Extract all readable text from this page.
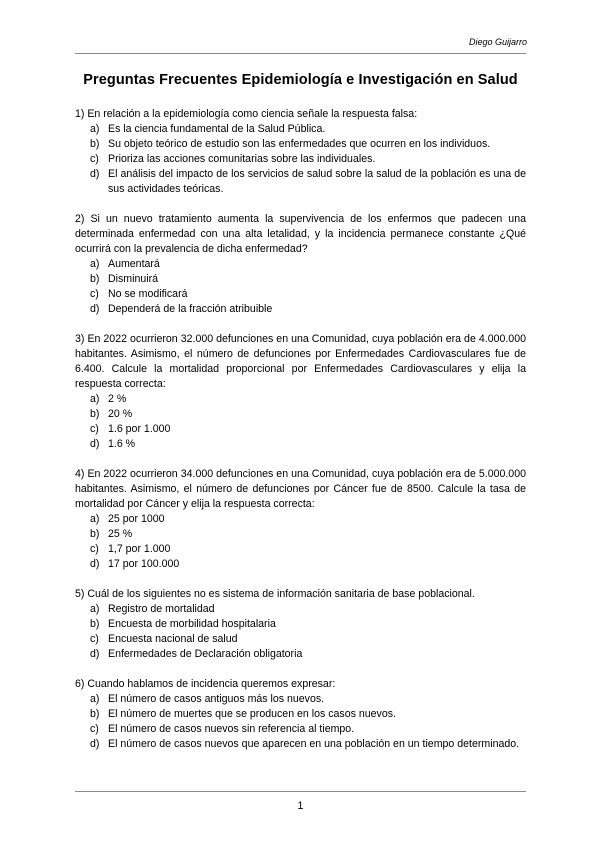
Diego Guijarro
Preguntas Frecuentes Epidemiología e Investigación en Salud

1) En relación a la epidemiología como ciencia señale la respuesta falsa:

a) Es la ciencia fundamental de la Salud Pública.
b) Su objeto teórico de estudio son las enfermedades que ocurren en los individuos.
c) Prioriza las acciones comunitarias sobre las individuales.
d) El análisis del impacto de los servicios de salud sobre la salud de la población es una de sus actividades teóricas.

2) Si un nuevo tratamiento aumenta la supervivencia de los enfermos que padecen una determinada enfermedad con una alta letalidad, y la incidencia permanece constante ¿Qué ocurrirá con la prevalencia de dicha enfermedad?

a) Aumentará
b) Disminuirá
c) No se modificará
d) Dependerá de la fracción atribuible

3) En 2022 ocurrieron 32.000 defunciones en una Comunidad, cuya población era de 4.000.000 habitantes. Asimismo, el número de defunciones por Enfermedades Cardiovasculares fue de 6.400. Calcule la mortalidad proporcional por Enfermedades Cardiovasculares y elija la respuesta correcta:

a) 2 %
b) 20 %
c) 1.6 por 1.000
d) 1.6 %

4) En 2022 ocurrieron 34.000 defunciones en una Comunidad, cuya población era de 5.000.000 habitantes. Asimismo, el número de defunciones por Cáncer fue de 8500. Calcule la tasa de mortalidad por Cáncer y elija la respuesta correcta:

a) 25 por 1000
b) 25 %
c) 1,7 por 1.000
d) 17 por 100.000

5) Cuál de los siguientes no es sistema de información sanitaria de base poblacional.

a) Registro de mortalidad
b) Encuesta de morbilidad hospitalaria
c) Encuesta nacional de salud
d) Enfermedades de Declaración obligatoria

6) Cuando hablamos de incidencia queremos expresar:

a) El número de casos antiguos más los nuevos.
b) El número de muertes que se producen en los casos nuevos.
c) El número de casos nuevos sin referencia al tiempo.
d) El número de casos nuevos que aparecen en una población en un tiempo determinado.
1
